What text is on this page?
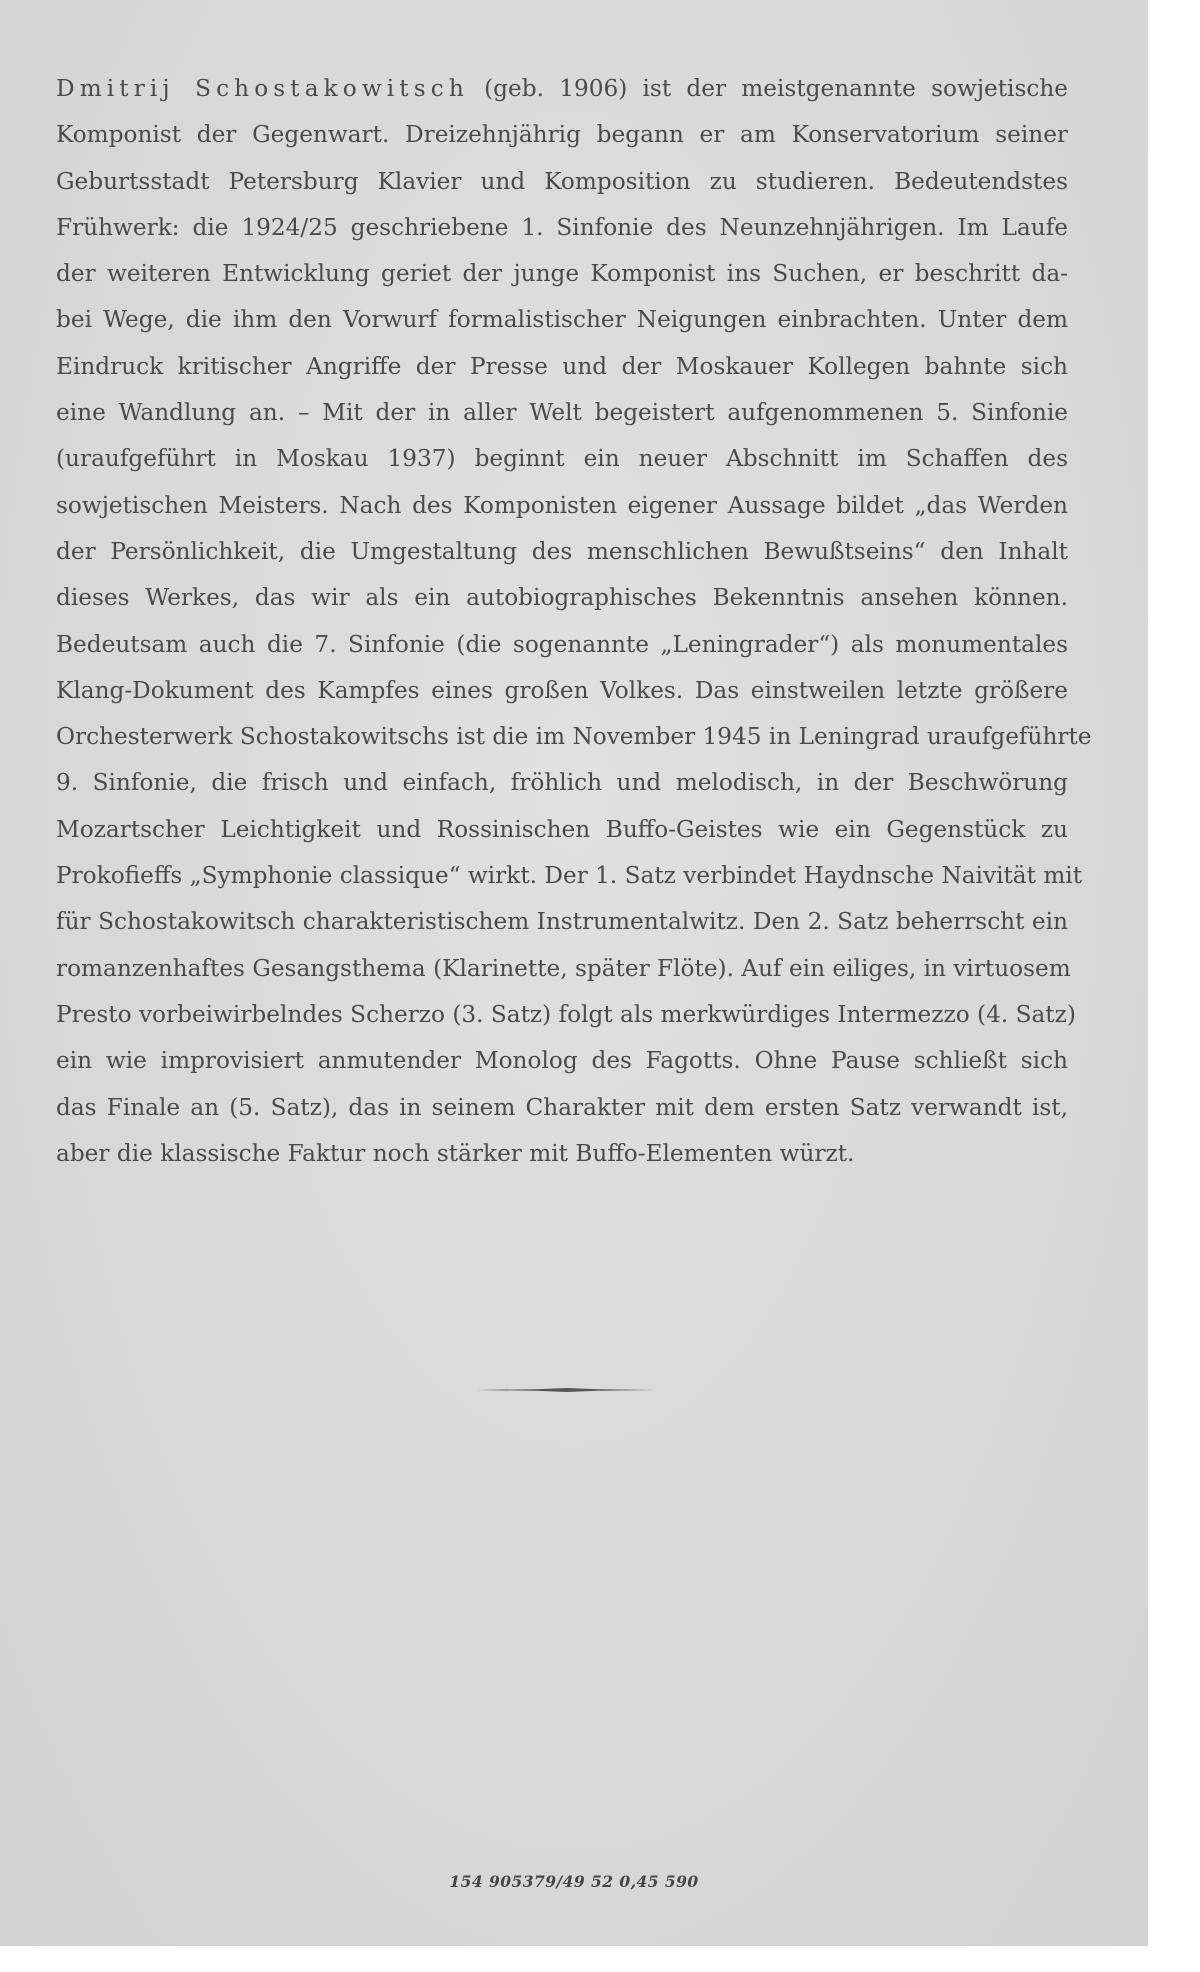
Dmitrij Schostakowitsch (geb. 1906) ist der meistgenannte sowjetische
Komponist der Gegenwart. Dreizehnjährig begann er am Konservatorium seiner
Geburtsstadt Petersburg Klavier und Komposition zu studieren. Bedeutendstes
Frühwerk: die 1924/25 geschriebene 1. Sinfonie des Neunzehnjährigen. Im Laufe
der weiteren Entwicklung geriet der junge Komponist ins Suchen, er beschritt da-
bei Wege, die ihm den Vorwurf formalistischer Neigungen einbrachten. Unter dem
Eindruck kritischer Angriffe der Presse und der Moskauer Kollegen bahnte sich
eine Wandlung an. – Mit der in aller Welt begeistert aufgenommenen 5. Sinfonie
(uraufgeführt in Moskau 1937) beginnt ein neuer Abschnitt im Schaffen des
sowjetischen Meisters. Nach des Komponisten eigener Aussage bildet „das Werden
der Persönlichkeit, die Umgestaltung des menschlichen Bewußtseins“ den Inhalt
dieses Werkes, das wir als ein autobiographisches Bekenntnis ansehen können.
Bedeutsam auch die 7. Sinfonie (die sogenannte „Leningrader“) als monumentales
Klang-Dokument des Kampfes eines großen Volkes. Das einstweilen letzte größere
Orchesterwerk Schostakowitschs ist die im November 1945 in Leningrad uraufgeführte
9. Sinfonie, die frisch und einfach, fröhlich und melodisch, in der Beschwörung
Mozartscher Leichtigkeit und Rossinischen Buffo-Geistes wie ein Gegenstück zu
Prokofieffs „Symphonie classique“ wirkt. Der 1. Satz verbindet Haydnsche Naivität mit
für Schostakowitsch charakteristischem Instrumentalwitz. Den 2. Satz beherrscht ein
romanzenhaftes Gesangsthema (Klarinette, später Flöte). Auf ein eiliges, in virtuosem
Presto vorbeiwirbelndes Scherzo (3. Satz) folgt als merkwürdiges Intermezzo (4. Satz)
ein wie improvisiert anmutender Monolog des Fagotts. Ohne Pause schließt sich
das Finale an (5. Satz), das in seinem Charakter mit dem ersten Satz verwandt ist,
aber die klassische Faktur noch stärker mit Buffo-Elementen würzt.
154 905379/49 52 0,45 590
